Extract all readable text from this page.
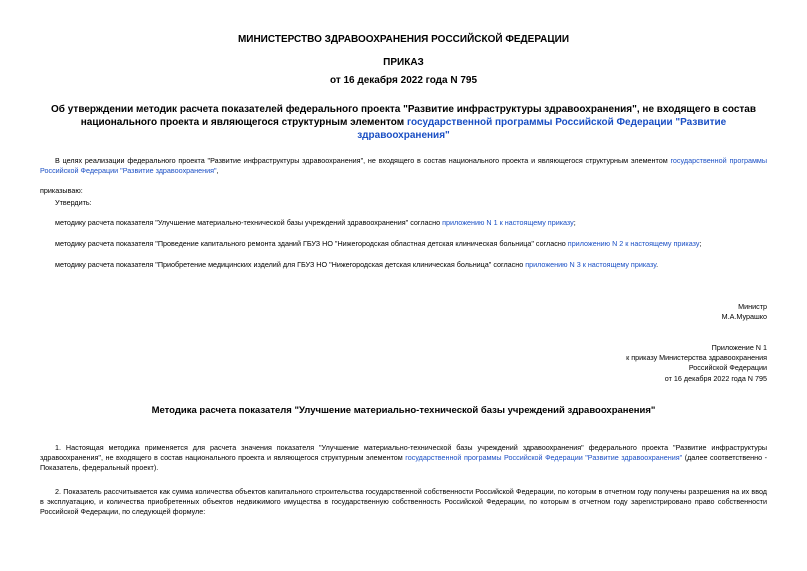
МИНИСТЕРСТВО ЗДРАВООХРАНЕНИЯ РОССИЙСКОЙ ФЕДЕРАЦИИ
ПРИКАЗ
от 16 декабря 2022 года N 795
Об утверждении методик расчета показателей федерального проекта "Развитие инфраструктуры здравоохранения", не входящего в состав национального проекта и являющегося структурным элементом государственной программы Российской Федерации "Развитие здравоохранения"
В целях реализации федерального проекта "Развитие инфраструктуры здравоохранения", не входящего в состав национального проекта и являющегося структурным элементом государственной программы Российской Федерации "Развитие здравоохранения",
приказываю:
Утвердить:
методику расчета показателя "Улучшение материально-технической базы учреждений здравоохранения" согласно приложению N 1 к настоящему приказу;
методику расчета показателя "Проведение капитального ремонта зданий ГБУЗ НО "Нижегородская областная детская клиническая больница" согласно приложению N 2 к настоящему приказу;
методику расчета показателя "Приобретение медицинских изделий для ГБУЗ НО "Нижегородская детская клиническая больница" согласно приложению N 3 к настоящему приказу.
Министр
М.А.Мурашко
Приложение N 1
к приказу Министерства здравоохранения
Российской Федерации
от 16 декабря 2022 года N 795
Методика расчета показателя "Улучшение материально-технической базы учреждений здравоохранения"
1. Настоящая методика применяется для расчета значения показателя "Улучшение материально-технической базы учреждений здравоохранения" федерального проекта "Развитие инфраструктуры здравоохранения", не входящего в состав национального проекта и являющегося структурным элементом государственной программы Российской Федерации "Развитие здравоохранения" (далее соответственно - Показатель, федеральный проект).
2. Показатель рассчитывается как сумма количества объектов капитального строительства государственной собственности Российской Федерации, по которым в отчетном году получены разрешения на их ввод в эксплуатацию, и количества приобретенных объектов недвижимого имущества в государственную собственность Российской Федерации, по которым в отчетном году зарегистрировано право собственности Российской Федерации, по следующей формуле:
